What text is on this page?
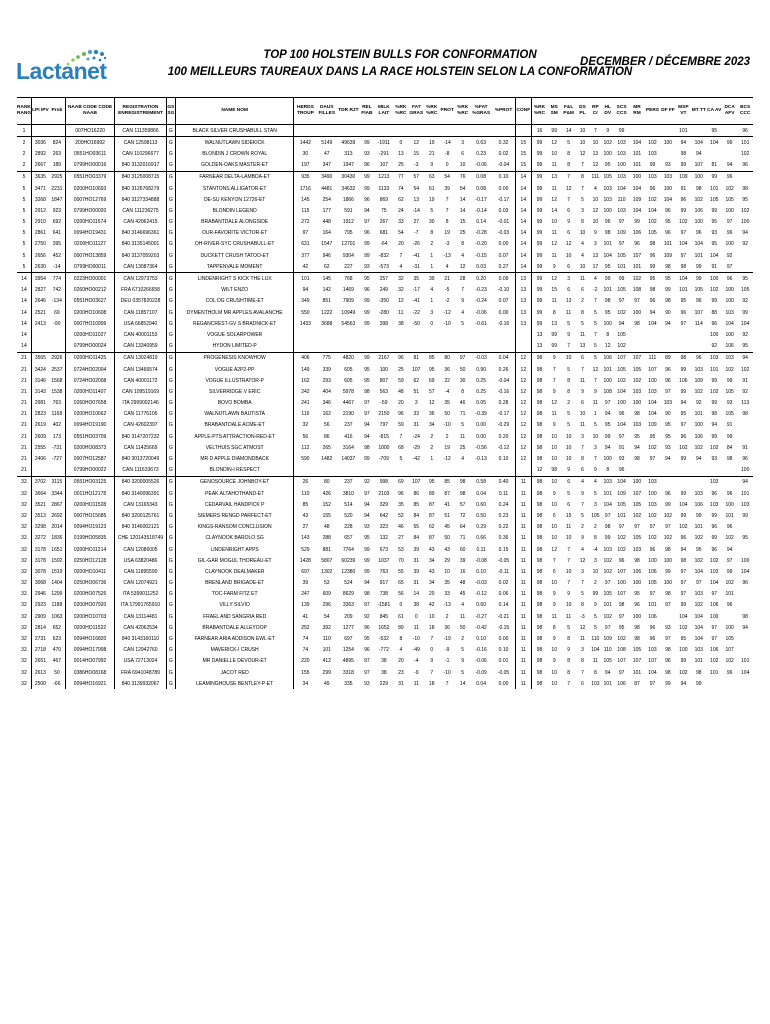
Lactanet
TOP 100 HOLSTEIN BULLS FOR CONFORMATION
100 MEILLEURS TAUREAUX DANS LA RACE HOLSTEIN SELON LA CONFORMATION
DECEMBER / DÉCEMBRE 2023
RANK RANG	LPI IPV	Pro$	NAAB CODE CODE NAAB	REGISTRATION ENREGISTREMENT	GS SG	NAME NOM	HERDS TROUP	DAUS FILLES	TDR RJT	REL FIAB	MILK LAIT	%RK %RC	FAT GRAS	%RK %RC	PROT	%RK %RC	%FAT %GRAS	%PROT	CONF	%RK %RC	MS SM	F&L P&M	DS PL	RP Cr	HL DV	SCS CCS	MR RM	PERS	DF FF	MSP VT	MT TT	CA AV	DCA AFV	BCS CCC
1			007HO16220	CAN 111359866	G	BLACK SILVER CRUSHABULL STAN														16	99	14	10	7	9	99				101		95		96
2	3036	824	200HO16992	CAN 12598113	G	WALNUTLAWN SIDEKICK	1442	5149	49639	99	-1911	0	12	19	-14	3	0.63	0.32	15	99	12	5	10	10	102	103	104	102	100	94	104	104	99	101
2	2892	263	0551HO03611	CAN 110296677	G	BLONDIN J CROWN ROYAL	30	47	313	93	-291	13	15	21	-8	6	0.23	0.02	15	99	10	8	12	13	100	103	101	103		98	94			102
2	2667	189	0799HO00016	840 3132016917	G	GOLDEN-OAKS MASTER-ET	197	347	1947	96	107	25	-3	9	0	10	-0.06	-0.04	15	99	11	8	7	12	95	100	101	99	93	99	107	81	94	96
5	3635	2925	0551HO03379	840 3125008715	G	FARNEAR DELTA-LAMBDA-ET	935	3490	30430	99	1213	77	57	63	54	76	0.08	0.10	14	99	13	7	8	111	105	103	100	103	103	109	100	99	96	
5	3471	2231	0200HO10693	840 3126768279	G	STANTONS ALLIGATOR-ET	1716	4481	34632	99	1133	74	54	61	39	54	0.08	0.00	14	99	11	12	7	4	103	104	104	96	100	91	98	101	102	98
5	3268	1847	0007HO12769	840 3127334888	G	DE-SU KENYON 12726-ET	145	254	1866	96	869	62	13	19	7	14	-0.17	-0.17	14	99	12	7	5	10	103	110	109	102	104	96	102	105	105	95
5	2912	923	0799HO00020	CAN 111236275	G	BLONDIN LEGEND	115	177	591	94	75	24	-14	5	7	14	-0.14	0.03	14	99	14	6	3	12	100	103	104	104	96	99	106	99	100	102
5	2910	692	0200HO11574	CAN 42062415	G	BRABANTDALE ALONGSIDE	272	448	1912	97	267	33	27	30	8	15	0.14	-0.01	14	99	10	9	8	10	96	97	99	102	95	102	100	95	97	100
5	2861	641	0094HO19431	840 3146696361	G	OUR-FAVORITE VICTOR-ET	97	164	795	96	681	54	-7	8	19	25	-0.28	-0.03	14	99	11	6	10	9	98	109	106	105	96	97	96	93	96	94
5	2750	395	0200HO11127	840 3135145001	G	OH-RIVER-SYC CRUSHABULL-ET	631	1547	12701	99	-64	20	-26	2	-3	8	-0.20	0.00	14	99	12	12	4	3	101	97	96	98	101	104	104	95	100	92
5	2656	452	0007HO13859	840 3137059203	G	DUCKETT CRUSH TATOO-ET	377	946	9304	99	-832	7	-41	1	-13	4	-0.15	0.07	14	99	11	10	4	13	104	105	107	96	109	97	101	104	92	
5	2630	-14	0799HO00011	CAN 13087364	G	TAPPENVALE MOMENT	42	62	227	93	-573	4	-31	1	4	12	0.03	0.27	14	99	9	6	10	17	95	101	101	99	98	98	99	91	97	
14	3954	774	0223HO00001	CAN 12973753	G	LINDENRIGHT S KICK THE LUX	101	145	768	95	257	32	35	39	21	28	0.20	0.09	13	99	12	3	11	4	99	99	102	95	95	104	99	100	96	95
14	2827	742	0260HO00212	FRA 6710266658	G	WILT ENZO	94	142	1469	96	249	32	-17	4	-5	7	-0.23	-0.10	13	99	15	6	6	-2	101	105	108	98	99	101	105	102	100	105
14	2646	-134	0551HO03627	DEU 0357820228	G	COL DG CRUSHTIME-ET	349	851	7909	99	-350	12	-41	1	-2	9	-0.24	0.07	13	99	11	13	2	7	98	97	97	96	98	95	96	99	100	92
14	2521	69	0200HO10608	CAN 11857107	G	DYMENTHOLM MR APPLES AVALANCHE	550	1222	10949	99	-280	11	-22	3	-12	4	-0.06	0.00	13	99	8	11	8	5	95	102	100	94	90	96	107	88	103	99
14	2413	-90	0007HO10999	USA 66852940	G	REGANCREST-GV S BRADNICK-ET	1433	3688	54563	99	398	38	-50	0	-10	5	-0.61	-0.16	13	99	13	5	5	5	100	94	98	104	94	97	114	96	104	104
14			0200HO11027	CAN 40001153	G	VOGUE SOLARPOWER														13	99	9	11	7	8	105						100	100	92
14			0799HO00024	CAN 13340959	G	HYDON LIMITED-P														13	99	7	13	5	12	102						92	106	95
21	3565	2926	0200HO11425	CAN 13024819	G	PROGENESIS KNOWHOW	406	775	4820	99	2167	96	81	85	80	97	-0.03	0.04	12	98	9	10	6	5	106	107	107	111	89	98	96	103	103	94
21	3424	2537	0724HO02004	CAN 13466574	G	VOGUE A2P2-PP	149	339	605	95	100	25	107	95	36	50	0.90	0.26	12	98	7	5	7	12	101	105	105	107	96	99	103	101	102	102
21	3146	1568	0724HO02008	CAN 40001172	G	VOGUE ILLUSTRATOR-P	162	293	605	95	807	59	62	69	22	30	0.25	-0.04	12	98	7	8	11	7	100	102	102	100	96	106	109	99	99	91
21	3143	1538	0200HO11407	CAN 109519169	G	SILVERRIDGE V ERIC	242	404	5978	98	563	48	51	57	-4	8	0.25	-0.16	12	98	9	8	9	9	108	104	103	103	97	99	102	102	105	92
21	2981	763	0260HO07658	ITA 2999002146	G	BOVO BOMBA	241	346	4467	97	-59	20	3	12	35	46	0.05	0.28	12	98	12	2	6	11	97	100	100	104	103	94	92	99	93	113
21	2823	1168	0200HO10662	CAN 11776105	G	WALNUTLAWN BAUTISTA	116	162	2190	97	2150	96	33	36	50	71	-0.39	-0.17	12	98	11	5	10	1	94	96	98	104	90	95	101	98	105	98
21	2619	402	0094HO19190	CAN 42602397	G	BRABANTDALE ACME-ET	32	56	237	94	797	59	31	34	-10	5	0.00	-0.29	12	98	9	5	11	5	95	104	103	109	95	97	100	94	91	
21	2609	173	0551HO03709	840 3147207232	G	APPLE-PTS ATTRACTION-RED-ET	56	86	416	94	-815	7	-24	2	2	11	0.00	0.20	12	98	10	10	3	10	99	97	95	95	95	96	106	99	99	
21	2555	-731	0200HO08373	CAN 11425669	G	VELTHUIS SGC ATMOST	112	265	3164	98	1000	68	-29	2	19	25	-0.56	-0.12	12	98	10	10	7	3	94	91	94	102	93	102	102	102	84	91
21	2406	-727	0007HO12587	840 3013720049	G	MR D APPLE DIAMONDBACK	590	1482	14037	99	-709	5	-42	1	-12	4	-0.13	0.10	12	98	10	10	8	7	100	93	98	97	94	99	94	93	98	96
21			0799HO00022	CAN 111633673	G	BLONDIN-I RESPECT														12	98	9	6	9	8	96								100
32	3702	3115	0551HO03125	840 3200005526	G	GENOSOURCE JOHNBOY-ET	26	80	237	92	998	69	107	95	85	98	0.58	0.40	11	98	10	6	4	4	103	104	100	103				103		94
32	3664	3344	0011HO12178	840 3140096391	G	PEAK ALTAHOTHAND-ET	110	426	3810	97	2103	96	86	89	87	98	0.04	0.11	11	98	9	5	9	5	101	109	107	100	96	99	103	96	96	101
32	3521	2867	0200HO11528	CAN 13165343	G	CEDARVAIL HANDPICK P	85	152	514	94	329	35	85	87	41	57	0.60	0.24	11	98	10	6	7	3	104	105	105	103	99	104	106	103	100	103
32	3513	2692	0007HO15685	840 3200125761	G	SIEMERS RENGD PARFECT-ET	43	155	520	94	642	52	84	87	51	72	0.50	0.23	11	98	6	15	5	105	97	101	102	102	102	99	99	99	101	99
32	3298	2014	0094HO19123	840 3146002121	G	KINGS-RANSOM CONCLUSION	27	48	228	93	323	46	55	62	45	64	0.29	0.22	11	98	10	11	2	2	98	97	97	97	97	102	101	96	96	
32	3272	1836	0199HO05835	CHE 120143518749	G	CLAYNOOK BAROLO SG	143	288	657	95	132	27	84	87	50	71	0.66	0.36	11	98	10	10	9	8	99	102	105	102	102	96	102	99	102	95
32	3178	1651	0200HO11214	CAN 12086005	G	LINDENRIGHT APPS	529	881	7764	99	673	53	39	43	43	60	0.11	0.15	11	98	12	7	4	-4	103	102	103	96	98	94	95	96	94	
32	3178	1592	0250HO12128	USA 63820486	G	GIL-GAR MOGUL THOREAU-ET	1428	5807	60239	99	1037	70	31	34	29	39	-0.08	-0.05	11	98	7	7	12	3	102	96	98	100	100	98	102	102	97	100
32	3078	1519	0200HO10411	CAN 11895590	G	CLAYNOOK DEALMAKER	697	1302	12380	99	763	55	39	43	10	16	0.10	-0.11	11	98	6	10	3	10	102	107	106	106	99	97	104	103	99	104
32	3068	1404	0250HO06736	CAN 12074921	G	BRENLAND BRIGADE-ET	39	53	524	94	917	65	31	34	35	48	-0.03	0.02	11	98	10	7	7	2	97	100	100	105	100	97	97	104	102	96
32	2946	1299	0200HO07526	ITA 5399011252	G	TOC-FARM FITZ ET	247	609	8629	98	738	56	14	20	33	45	-0.12	0.06	11	98	9	9	5	99	105	107	95	97	98	97	103	97	101	
32	2923	1188	0200HO07920	ITA 17991765910	G	VILLY SILVIO	139	296	3363	97	-1581	0	38	42	-13	4	0.60	0.14	11	98	9	10	8	9	101	98	96	101	97	99	102	106	96	
32	2909	1063	0200HO10703	CAN 13114481	G	FRAEL AND SANGRIA RED	41	54	209	92	845	61	0	10	2	11	-0.27	-0.21	11	98	11	11	-3	5	102	97	100	106		104	104	100		98
32	2814	652	0200HO11522	CAN 42062534	G	BRABANTDALE ALLEYOOP	252	392	1277	96	1652	89	11	18	36	50	-0.42	-0.15	11	98	8	5	12	5	97	95	98	96	93	102	104	97	100	94
32	2731	623	0094HO16820	840 3143160110	G	FARNEAR ARIA ADDISON EWL-ET	74	110	697	95	-532	8	-10	7	-19	2	0.10	0.00	11	98	9	8	11	110	109	102	98	96	97	95	104	97	105	
32	2718	470	0094HO17998	CAN 12942760	G	MAVERICK-I CRUSH	74	101	1254	96	-772	4	-49	0	-9	5	-0.16	0.10	11	98	10	9	3	104	110	108	105	103	98	100	103	106	107	
32	2651	467	0014HO07992	USA 72713024	G	MR DANIELLE DEVOUR-ET	220	412	4895	97	38	20	-4	9	-1	9	-0.06	0.01	11	98	9	8	8	11	105	107	107	107	96	99	101	102	102	101
32	2613	50	0386HO08168	FRA 6941048789	G	JACOT RED	155	299	3318	97	38	23	-9	7	-10	5	-0.09	-0.05	11	98	10	8	7	8	94	97	101	104	98	102	98	101	96	104
32	2500	-66	0094HO16921	840 3139932067	G	LEAMINGHOUSE BENTLEY-P-ET	34	49	335	93	229	31	11	18	7	14	0.04	0.00	11	98	10	7	6	103	101	106	87	97	99	94	99			
